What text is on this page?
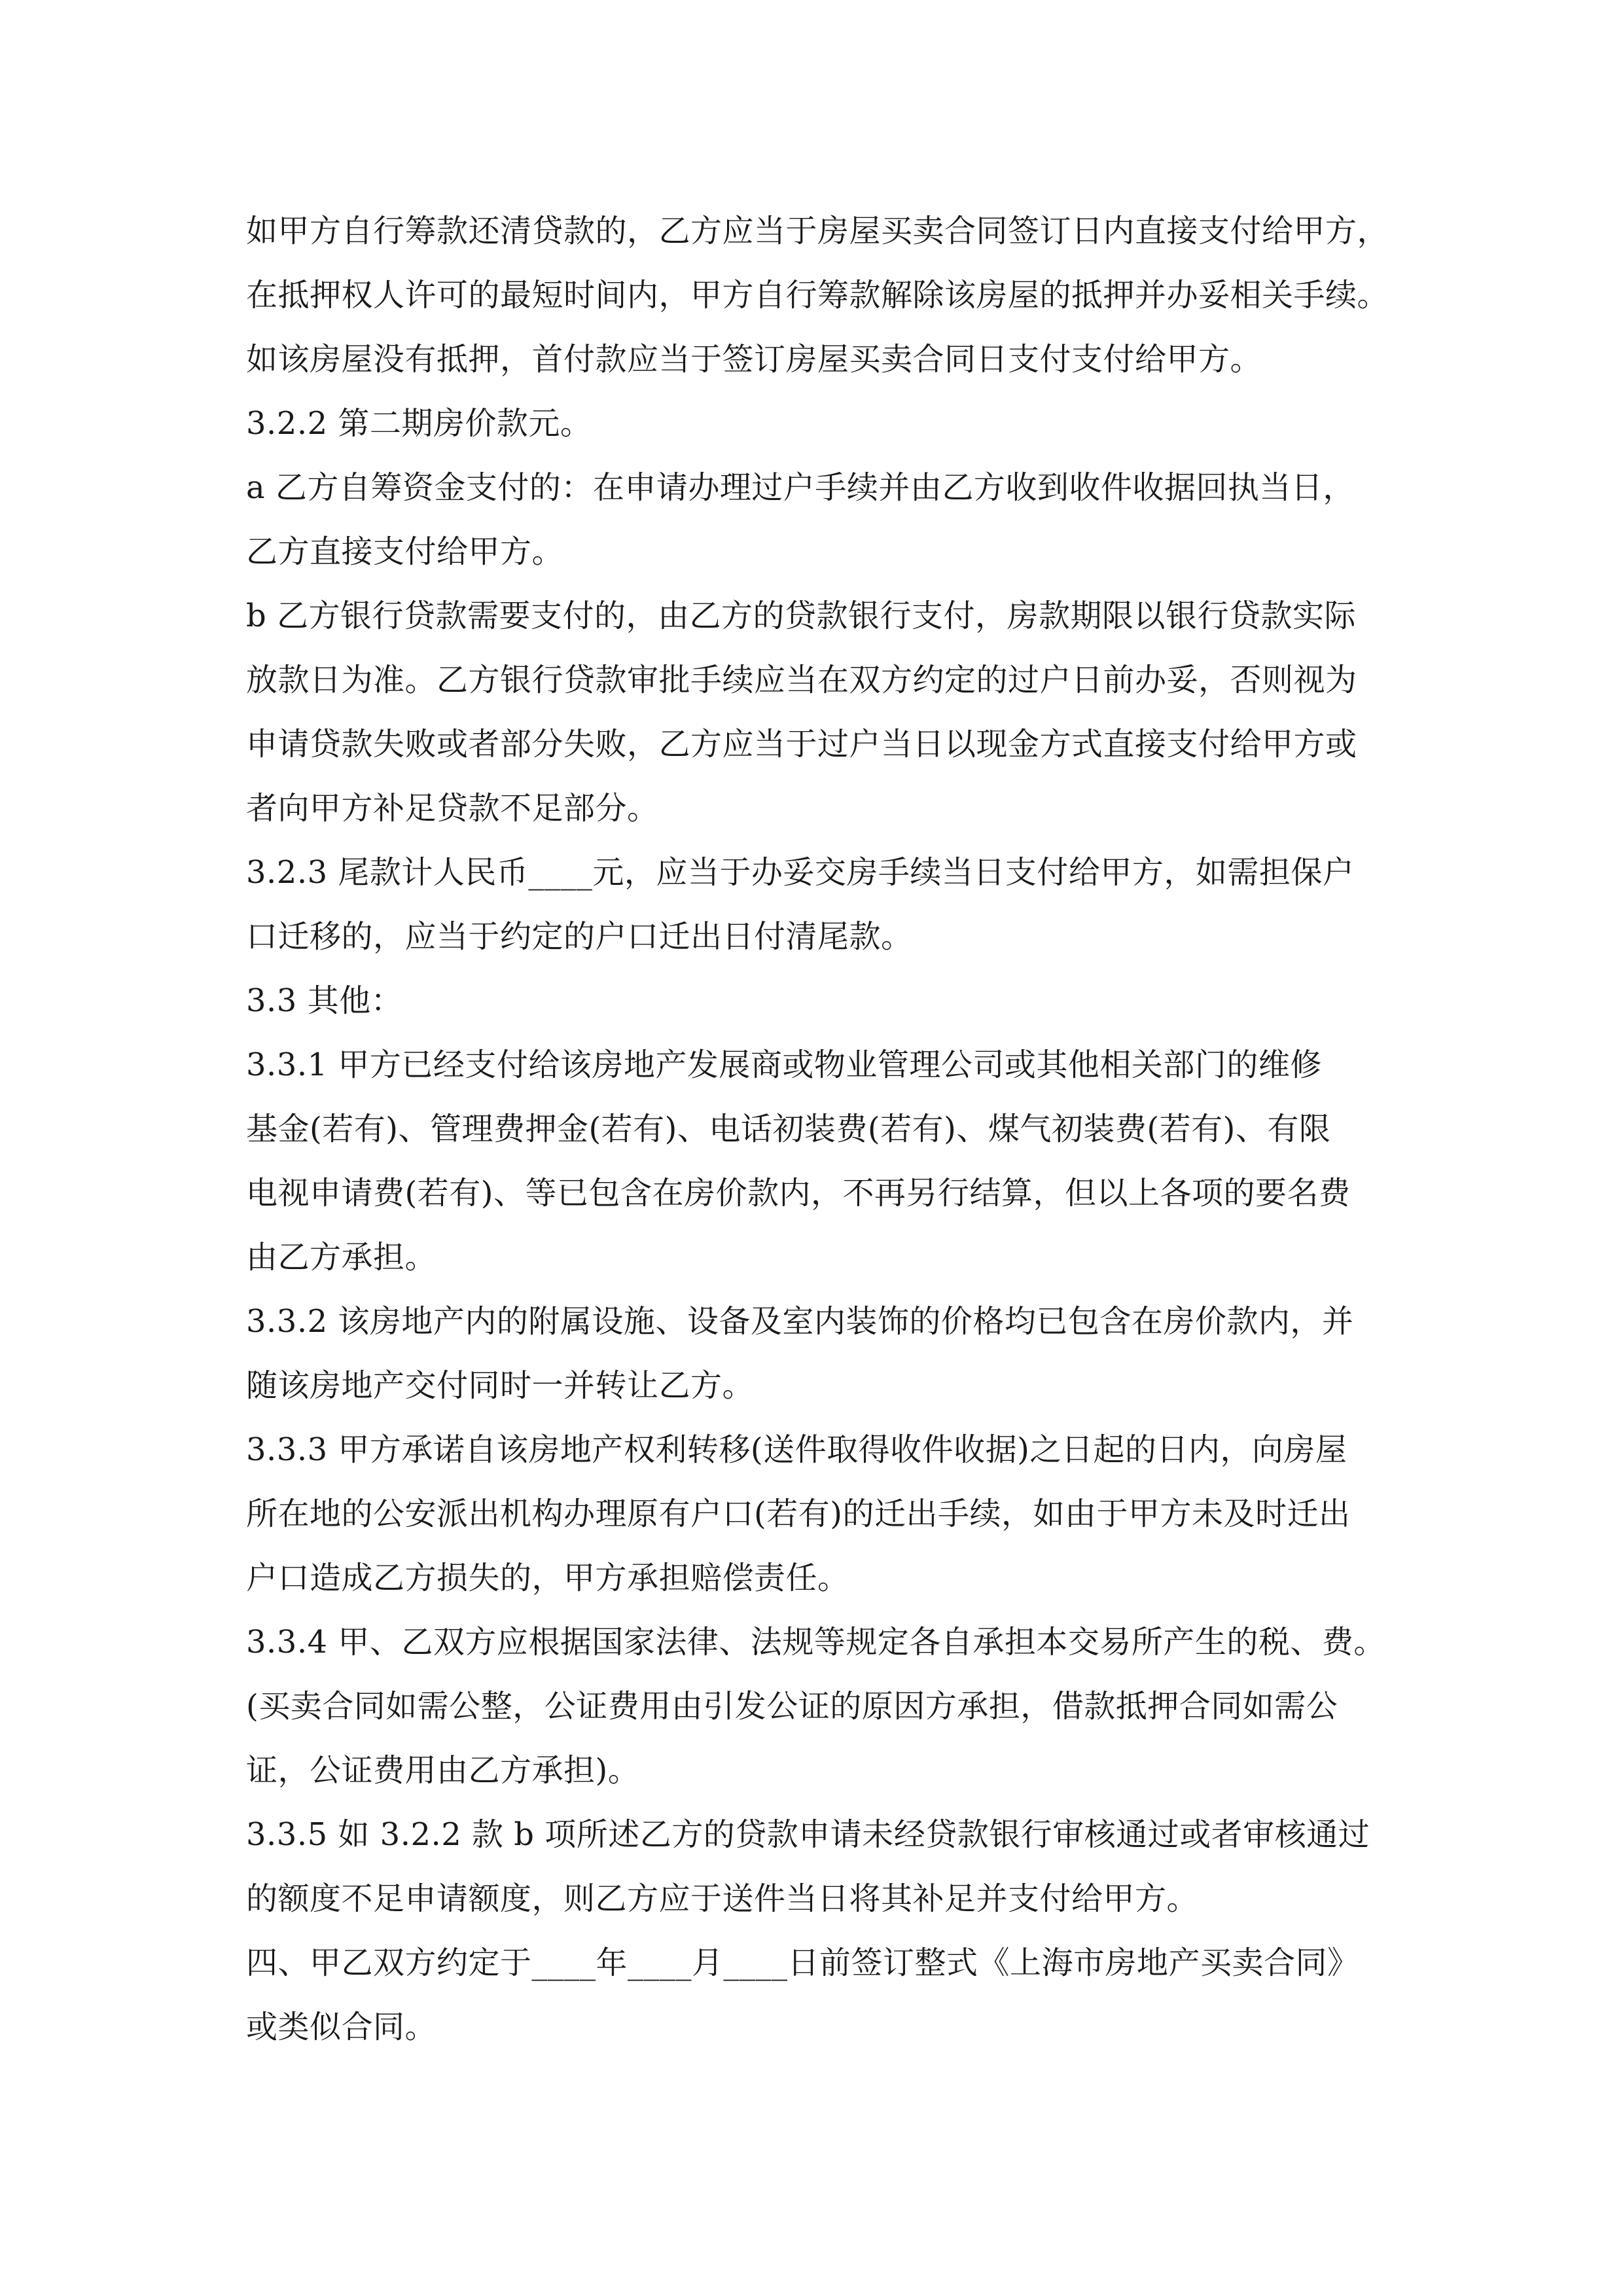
如甲方自行筹款还清贷款的，乙方应当于房屋买卖合同签订日内直接支付给甲方，
在抵押权人许可的最短时间内，甲方自行筹款解除该房屋的抵押并办妥相关手续。
如该房屋没有抵押，首付款应当于签订房屋买卖合同日支付支付给甲方。
3.2.2 第二期房价款元。
a 乙方自筹资金支付的：在申请办理过户手续并由乙方收到收件收据回执当日，
乙方直接支付给甲方。
b 乙方银行贷款需要支付的，由乙方的贷款银行支付，房款期限以银行贷款实际
放款日为准。乙方银行贷款审批手续应当在双方约定的过户日前办妥，否则视为
申请贷款失败或者部分失败，乙方应当于过户当日以现金方式直接支付给甲方或
者向甲方补足贷款不足部分。
3.2.3 尾款计人民币____元，应当于办妥交房手续当日支付给甲方，如需担保户
口迁移的，应当于约定的户口迁出日付清尾款。
3.3 其他：
3.3.1 甲方已经支付给该房地产发展商或物业管理公司或其他相关部门的维修
基金(若有)、管理费押金(若有)、电话初装费(若有)、煤气初装费(若有)、有限
电视申请费(若有)、等已包含在房价款内，不再另行结算，但以上各项的要名费
由乙方承担。
3.3.2 该房地产内的附属设施、设备及室内装饰的价格均已包含在房价款内，并
随该房地产交付同时一并转让乙方。
3.3.3 甲方承诺自该房地产权利转移(送件取得收件收据)之日起的日内，向房屋
所在地的公安派出机构办理原有户口(若有)的迁出手续，如由于甲方未及时迁出
户口造成乙方损失的，甲方承担赔偿责任。
3.3.4 甲、乙双方应根据国家法律、法规等规定各自承担本交易所产生的税、费。
(买卖合同如需公整，公证费用由引发公证的原因方承担，借款抵押合同如需公
证，公证费用由乙方承担)。
3.3.5 如 3.2.2 款 b 项所述乙方的贷款申请未经贷款银行审核通过或者审核通过
的额度不足申请额度，则乙方应于送件当日将其补足并支付给甲方。
四、甲乙双方约定于____年____月____日前签订整式《上海市房地产买卖合同》
或类似合同。
